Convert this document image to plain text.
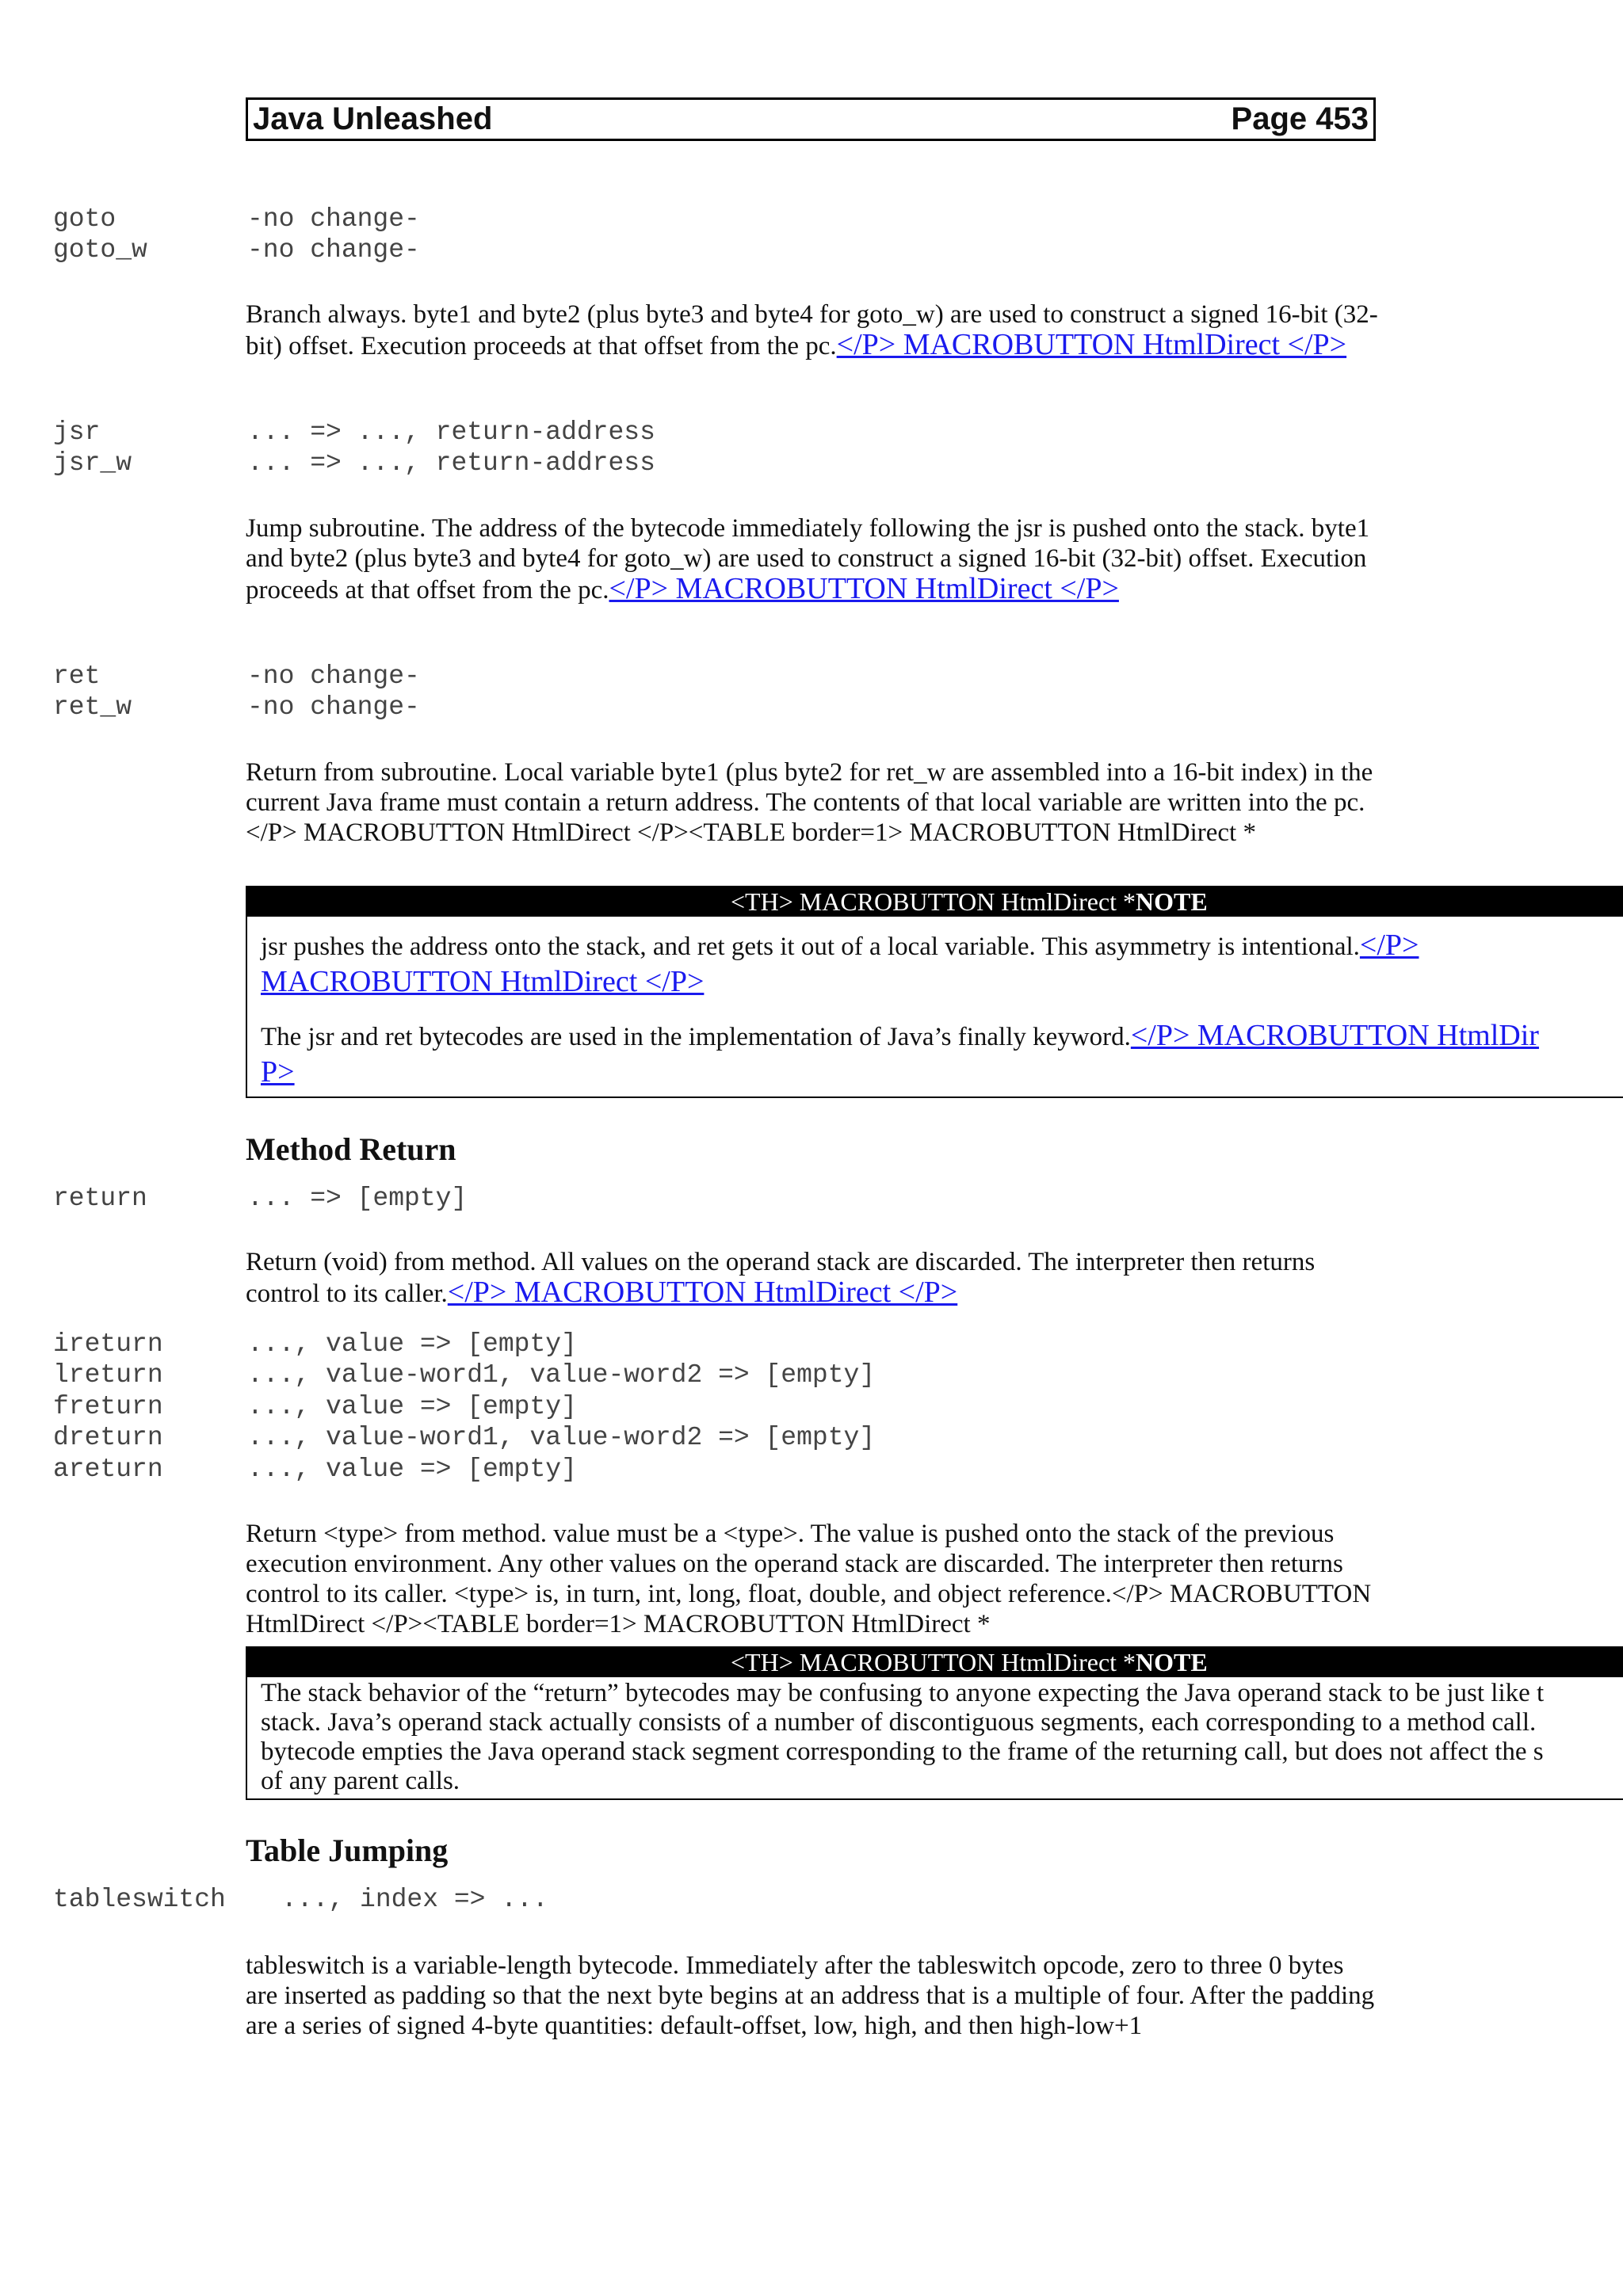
Java Unleashed	Page 453
goto	-no change-
goto_w	-no change-
Branch always. byte1 and byte2 (plus byte3 and byte4 for goto_w) are used to construct a signed 16-bit (32-bit) offset. Execution proceeds at that offset from the pc.</P> MACROBUTTON HtmlDirect </P>
jsr	... => ..., return-address
jsr_w	... => ..., return-address
Jump subroutine. The address of the bytecode immediately following the jsr is pushed onto the stack. byte1 and byte2 (plus byte3 and byte4 for goto_w) are used to construct a signed 16-bit (32-bit) offset. Execution proceeds at that offset from the pc.</P> MACROBUTTON HtmlDirect </P>
ret	-no change-
ret_w	-no change-
Return from subroutine. Local variable byte1 (plus byte2 for ret_w are assembled into a 16-bit index) in the current Java frame must contain a return address. The contents of that local variable are written into the pc.</P> MACROBUTTON HtmlDirect </P><TABLE border=1> MACROBUTTON HtmlDirect *
<TH> MACROBUTTON HtmlDirect *NOTE

jsr pushes the address onto the stack, and ret gets it out of a local variable. This asymmetry is intentional.</P>
MACROBUTTON HtmlDirect </P>

The jsr and ret bytecodes are used in the implementation of Java’s finally keyword.</P> MACROBUTTON HtmlDir
P>

Method Return
return	... => [empty]
Return (void) from method. All values on the operand stack are discarded. The interpreter then returns control to its caller.</P> MACROBUTTON HtmlDirect </P>
ireturn	..., value => [empty]
lreturn	..., value-word1, value-word2 => [empty]
freturn	..., value => [empty]
dreturn	..., value-word1, value-word2 => [empty]
areturn	..., value => [empty]
Return <type> from method. value must be a <type>. The value is pushed onto the stack of the previous execution environment. Any other values on the operand stack are discarded. The interpreter then returns control to its caller. <type> is, in turn, int, long, float, double, and object reference.</P> MACROBUTTON HtmlDirect </P><TABLE border=1> MACROBUTTON HtmlDirect *
<TH> MACROBUTTON HtmlDirect *NOTE
The stack behavior of the “return” bytecodes may be confusing to anyone expecting the Java operand stack to be just like t
stack. Java’s operand stack actually consists of a number of discontiguous segments, each corresponding to a method call.
bytecode empties the Java operand stack segment corresponding to the frame of the returning call, but does not affect the s
of any parent calls.
Table Jumping
tableswitch ..., index => ...
tableswitch is a variable-length bytecode. Immediately after the tableswitch opcode, zero to three 0 bytes are inserted as padding so that the next byte begins at an address that is a multiple of four. After the padding are a series of signed 4-byte quantities: default-offset, low, high, and then high-low+1
